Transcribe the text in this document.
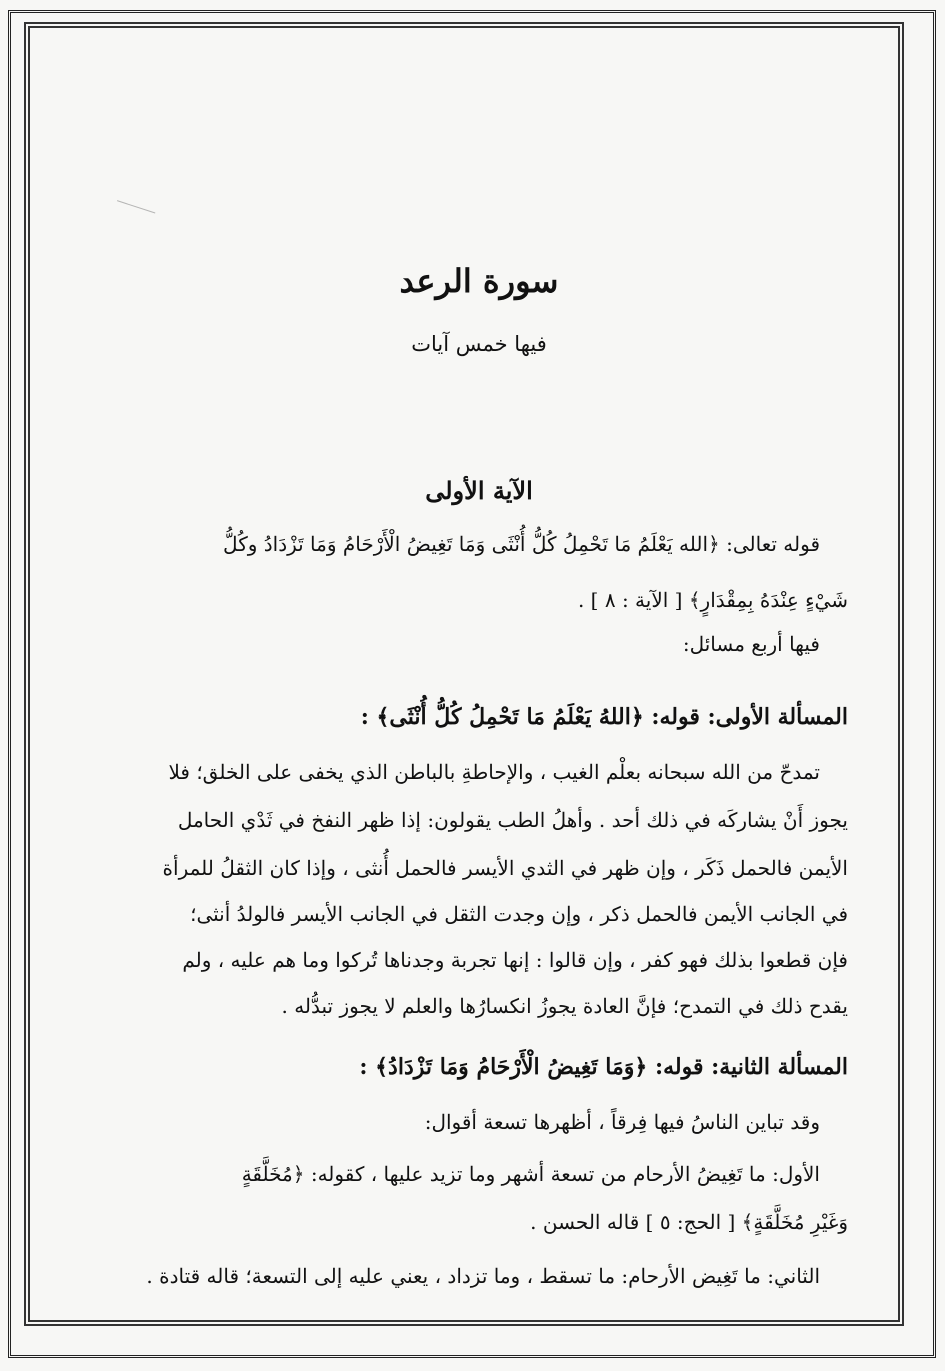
سورة الرعد
فيها خمس آيات
الآية الأولى
قوله تعالى: ﴿الله يَعْلَمُ مَا تَحْمِلُ كُلُّ أُنْثَى وَمَا تَغِيضُ الْأَرْحَامُ وَمَا تَزْدَادُ وكُلُّ
شَيْءٍ عِنْدَهُ بِمِقْدَارٍ﴾ [ الآية : ٨ ] .
فيها أربع مسائل:
المسألة الأولى: قوله: ﴿اللهُ يَعْلَمُ مَا تَحْمِلُ كُلُّ أُنْثَى﴾ :
تمدحّ من الله سبحانه بعلْم الغيب ، والإحاطةِ بالباطن الذي يخفى على الخلق؛ فلا
يجوز أَنْ يشاركَه في ذلك أحد . وأهلُ الطب يقولون: إذا ظهر النفخ في ثَدْي الحامل
الأيمن فالحمل ذَكَر ، وإن ظهر في الثدي الأيسر فالحمل أُنثى ، وإذا كان الثقلُ للمرأة
في الجانب الأيمن فالحمل ذكر ، وإن وجدت الثقل في الجانب الأيسر فالولدُ أنثى؛
فإن قطعوا بذلك فهو كفر ، وإن قالوا : إنها تجربة وجدناها تُركوا وما هم عليه ، ولم
يقدح ذلك في التمدح؛ فإنَّ العادة يجوزُ انكسارُها والعلم لا يجوز تبدُّله .
المسألة الثانية: قوله: ﴿وَمَا تَغِيضُ الْأَرْحَامُ وَمَا تَزْدَادُ﴾ :
وقد تباين الناسُ فيها فِرقاً ، أظهرها تسعة أقوال:
الأول: ما تَغِيضُ الأرحام من تسعة أشهر وما تزيد عليها ، كقوله: ﴿مُخَلَّقَةٍ
وَغَيْرِ مُخَلَّقَةٍ﴾ [ الحج: ٥ ] قاله الحسن .
الثاني: ما تَغِيض الأرحام: ما تسقط ، وما تزداد ، يعني عليه إلى التسعة؛ قاله قتادة .
